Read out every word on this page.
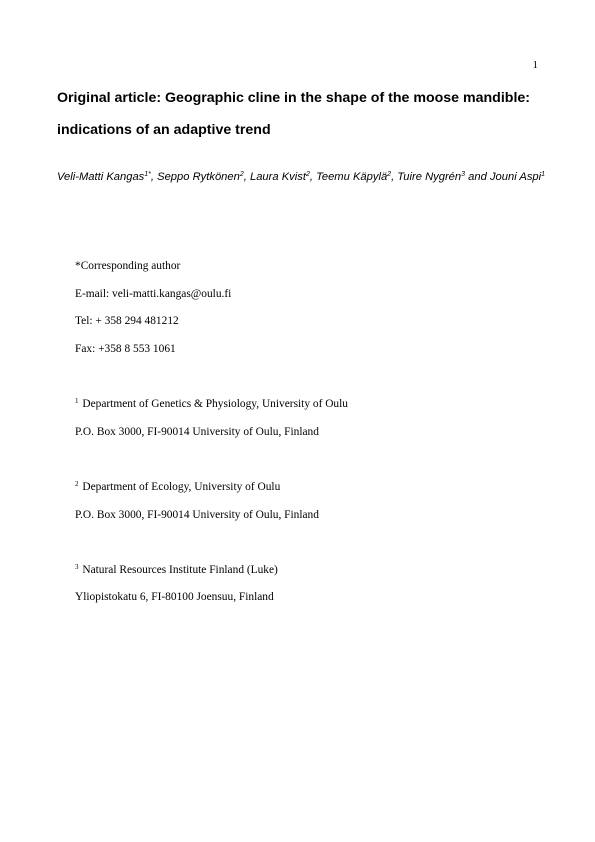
1
Original article: Geographic cline in the shape of the moose mandible: indications of an adaptive trend

Veli-Matti Kangas$^{1*}$, Seppo Rytkönen$^2$, Laura Kvist$^2$, Teemu Käpylä$^2$, Tuire Nygrén$^3$ and Jouni Aspi$^1$

*Corresponding author
E-mail: veli-matti.kangas@oulu.fi
Tel: + 358 294 481212
Fax: +358 8 553 1061
$^1$ Department of Genetics & Physiology, University of Oulu
P.O. Box 3000, FI-90014 University of Oulu, Finland
$^2$ Department of Ecology, University of Oulu
P.O. Box 3000, FI-90014 University of Oulu, Finland
$^3$ Natural Resources Institute Finland (Luke)
Yliopistokatu 6, FI-80100 Joensuu, Finland
